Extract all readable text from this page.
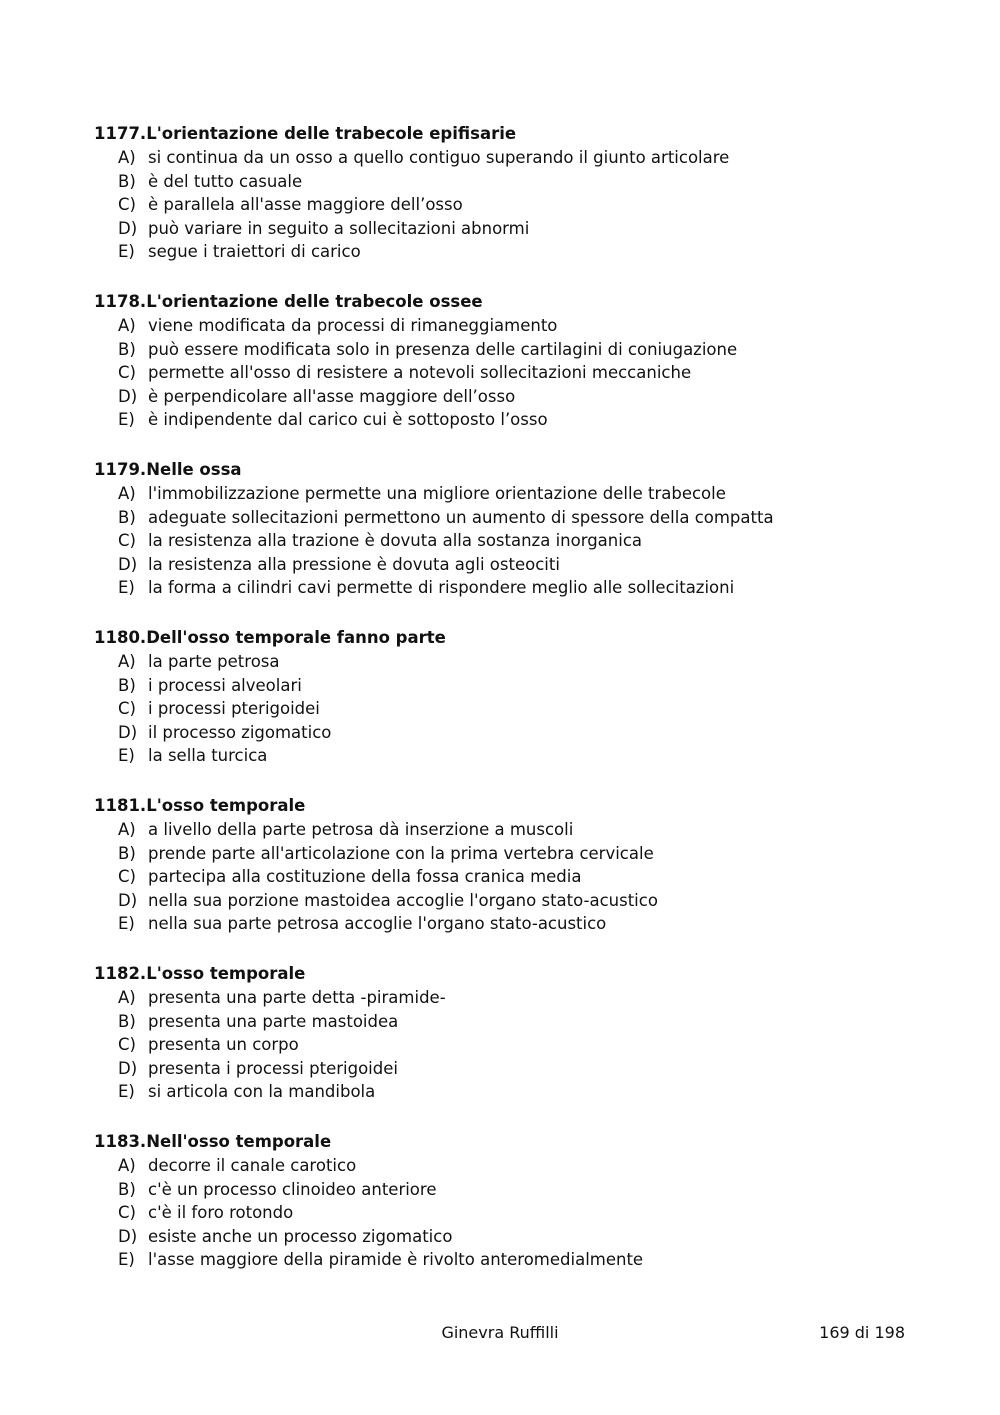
1177.L'orientazione delle trabecole epifisarie
A) si continua da un osso a quello contiguo superando il giunto articolare
B) è del tutto casuale
C) è parallela all'asse maggiore dell’osso
D) può variare in seguito a sollecitazioni abnormi
E) segue i traiettori di carico
1178.L'orientazione delle trabecole ossee
A) viene modificata da processi di rimaneggiamento
B) può essere modificata solo in presenza delle cartilagini di coniugazione
C) permette all'osso di resistere a notevoli sollecitazioni meccaniche
D) è perpendicolare all'asse maggiore dell’osso
E) è indipendente dal carico cui è sottoposto l’osso
1179.Nelle ossa
A) l'immobilizzazione permette una migliore orientazione delle trabecole
B) adeguate sollecitazioni permettono un aumento di spessore della compatta
C) la resistenza alla trazione è dovuta alla sostanza inorganica
D) la resistenza alla pressione è dovuta agli osteociti
E) la forma a cilindri cavi permette di rispondere meglio alle sollecitazioni
1180.Dell'osso temporale fanno parte
A) la parte petrosa
B) i processi alveolari
C) i processi pterigoidei
D) il processo zigomatico
E) la sella turcica
1181.L'osso temporale
A) a livello della parte petrosa dà inserzione a muscoli
B) prende parte all'articolazione con la prima vertebra cervicale
C) partecipa alla costituzione della fossa cranica media
D) nella sua porzione mastoidea accoglie l'organo stato-acustico
E) nella sua parte petrosa accoglie l'organo stato-acustico
1182.L'osso temporale
A) presenta una parte detta -piramide-
B) presenta una parte mastoidea
C) presenta un corpo
D) presenta i processi pterigoidei
E) si articola con la mandibola
1183.Nell'osso temporale
A) decorre il canale carotico
B) c'è un processo clinoideo anteriore
C) c'è il foro rotondo
D) esiste anche un processo zigomatico
E) l'asse maggiore della piramide è rivolto anteromedialmente
Ginevra Ruffilli	169 di 198
